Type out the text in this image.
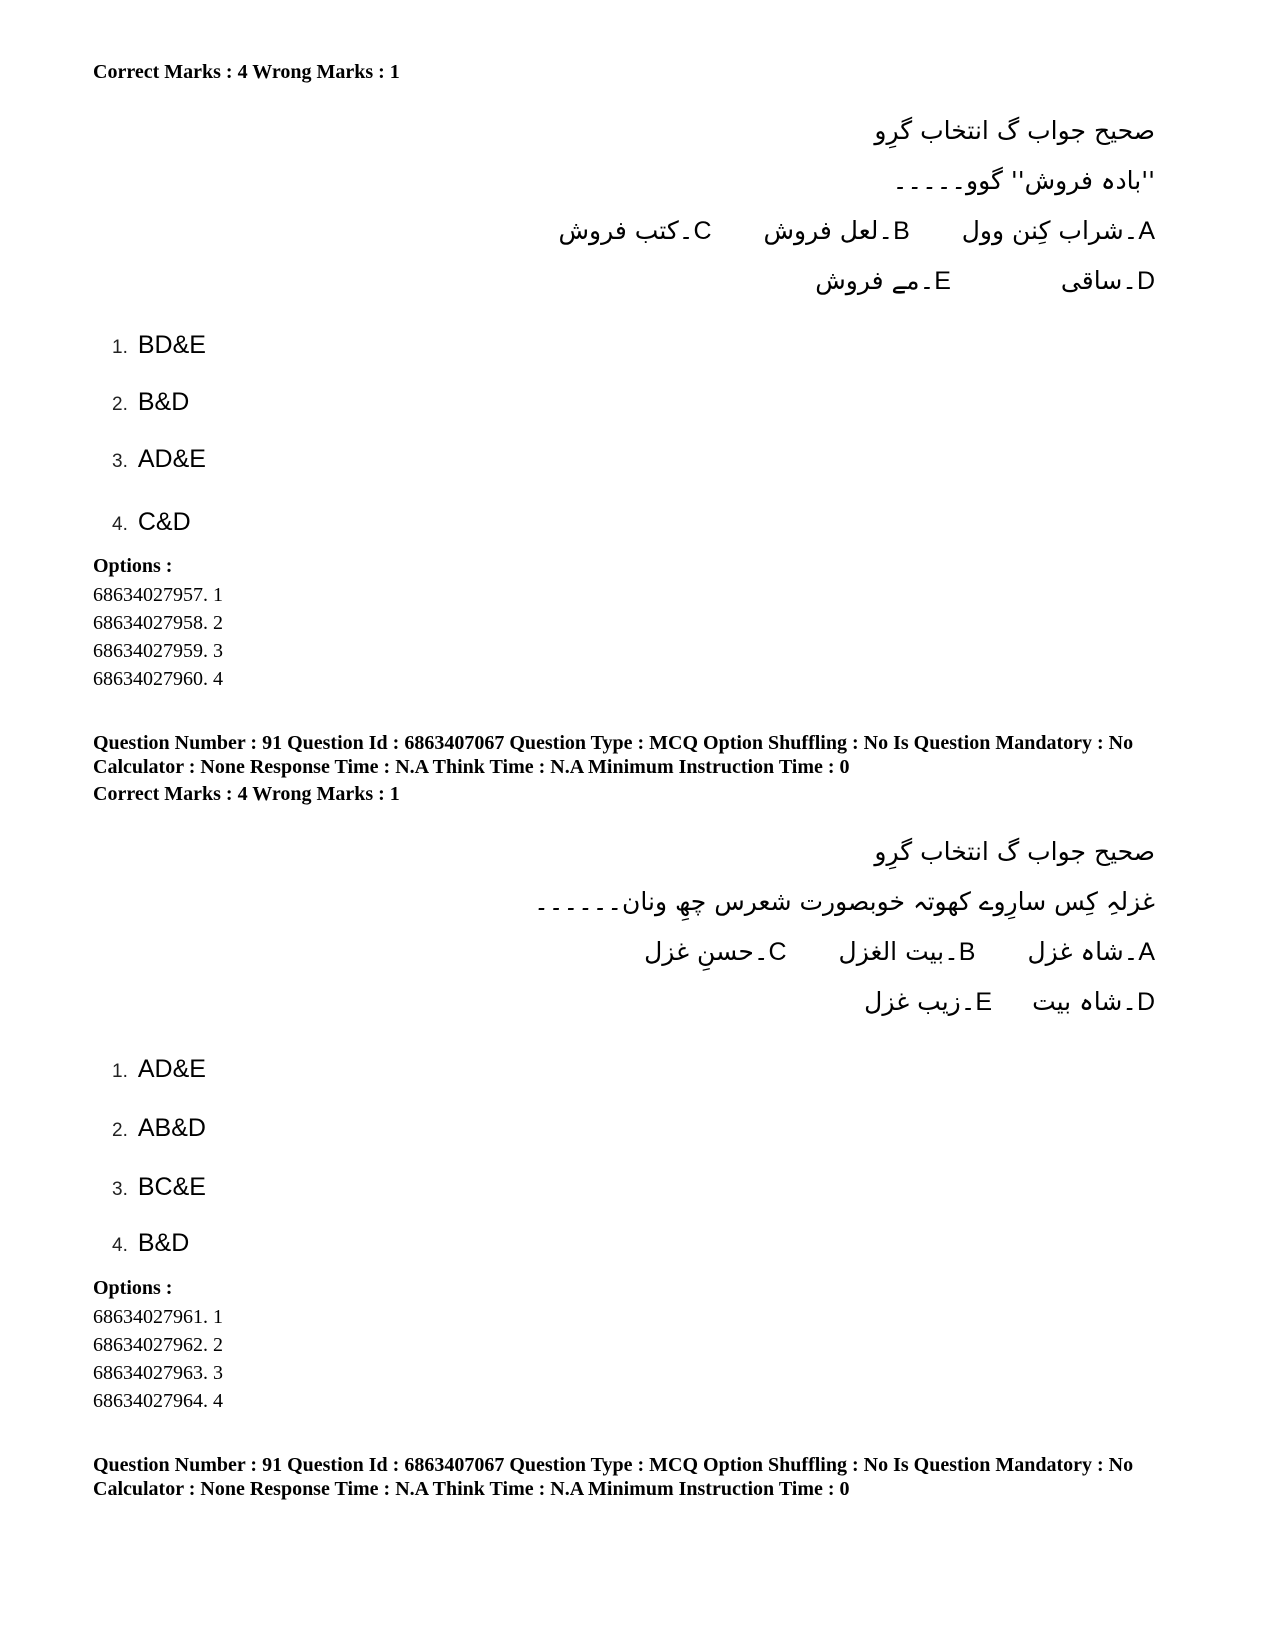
Correct Marks : 4 Wrong Marks : 1
صحیح جواب گ انتخاب گرِو
''بادہ فروش'' گوو۔۔۔۔۔
A۔شراب کِنن وول
B۔لعل فروش
C۔کتب فروش
D۔ساقی
E۔مے فروش
1. BD&E
2. B&D
3. AD&E
4. C&D
Options :
68634027957. 1
68634027958. 2
68634027959. 3
68634027960. 4
Question Number : 91 Question Id : 6863407067 Question Type : MCQ Option Shuffling : No Is Question Mandatory : No Calculator : None Response Time : N.A Think Time : N.A Minimum Instruction Time : 0
Correct Marks : 4 Wrong Marks : 1
صحیح جواب گ انتخاب گرِو
غزلہِ کِس سارِوے کھوتہ خوبصورت شعرس چھِ ونان۔۔۔۔۔۔
A۔شاہ غزل
B۔بیت الغزل
C۔حسنِ غزل
D۔شاہ بیت
E۔زیب غزل
1. AD&E
2. AB&D
3. BC&E
4. B&D
Options :
68634027961. 1
68634027962. 2
68634027963. 3
68634027964. 4
Question Number : 91 Question Id : 6863407067 Question Type : MCQ Option Shuffling : No Is Question Mandatory : No Calculator : None Response Time : N.A Think Time : N.A Minimum Instruction Time : 0
